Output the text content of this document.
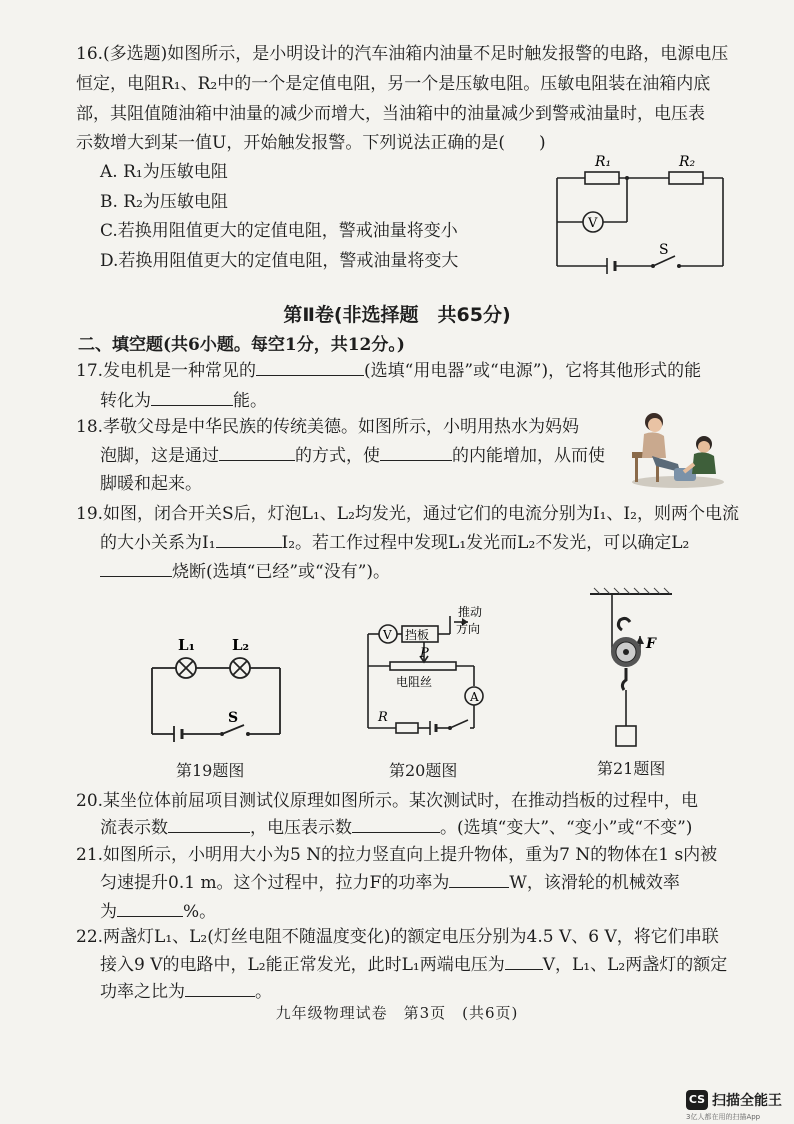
16.(多选题)如图所示，是小明设计的汽车油箱内油量不足时触发报警的电路，电源电压
恒定，电阻R₁、R₂中的一个是定值电阻，另一个是压敏电阻。压敏电阻装在油箱内底
部，其阻值随油箱中油量的减少而增大，当油箱中的油量减少到警戒油量时，电压表
示数增大到某一值U，开始触发报警。下列说法正确的是(　　)
A. R₁为压敏电阻
B. R₂为压敏电阻
C.若换用阻值更大的定值电阻，警戒油量将变小
D.若换用阻值更大的定值电阻，警戒油量将变大
R₁	R₂
V
S
第Ⅱ卷(非选择题　共65分)
二、填空题(共6小题。每空1分，共12分。)
17.发电机是一种常见的	(选填“用电器”或“电源”)，它将其他形式的能
转化为	能。
18.孝敬父母是中华民族的传统美德。如图所示，小明用热水为妈妈
泡脚，这是通过	的方式，使	的内能增加，从而使
脚暖和起来。
19.如图，闭合开关S后，灯泡L₁、L₂均发光，通过它们的电流分别为I₁、I₂，则两个电流
的大小关系为I₁	I₂。若工作过程中发现L₁发光而L₂不发光，可以确定L₂
烧断(选填“已经”或“没有”)。
L₁ L₂
S
第19题图
V 挡板
推动
方向
P
电阻丝
A
R
第20题图
F
第21题图
20.某坐位体前屈项目测试仪原理如图所示。某次测试时，在推动挡板的过程中，电
流表示数	，电压表示数	。(选填“变大”、“变小”或“不变”)
21.如图所示，小明用大小为5 N的拉力竖直向上提升物体，重为7 N的物体在1 s内被
匀速提升0.1 m。这个过程中，拉力F的功率为	W，该滑轮的机械效率
为	%。
22.两盏灯L₁、L₂(灯丝电阻不随温度变化)的额定电压分别为4.5 V、6 V，将它们串联
接入9 V的电路中，L₂能正常发光，此时L₁两端电压为 V，L₁、L₂两盏灯的额定
功率之比为	。
九年级物理试卷　第3页　(共6页)
CS 扫描全能王
3亿人都在用的扫描App
